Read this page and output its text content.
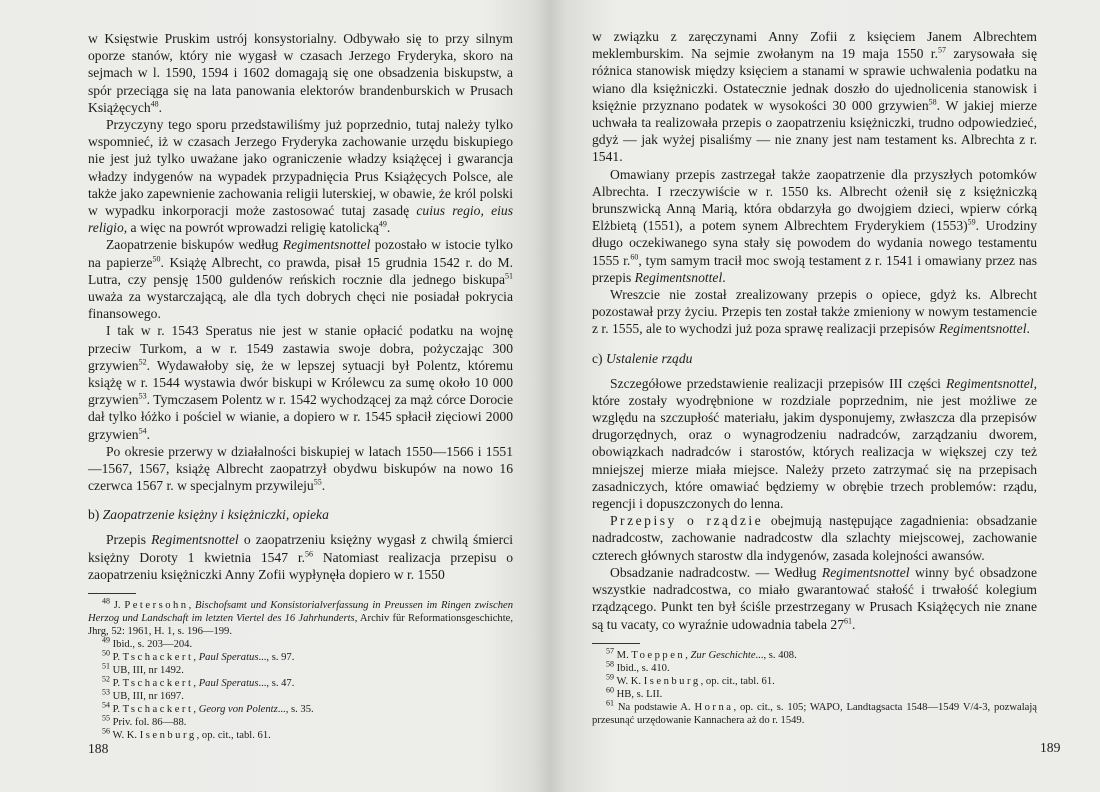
w Księstwie Pruskim ustrój konsystorialny. Odbywało się to przy silnym oporze stanów, który nie wygasł w czasach Jerzego Fryderyka, skoro na sejmach w l. 1590, 1594 i 1602 domagają się one obsadzenia biskupstw, a spór przeciąga się na lata panowania elektorów brandenburskich w Prusach Książęcych$^{48}$.

Przyczyny tego sporu przedstawiliśmy już poprzednio, tutaj należy tylko wspomnieć, iż w czasach Jerzego Fryderyka zachowanie urzędu biskupiego nie jest już tylko uważane jako ograniczenie władzy książęcej i gwarancja władzy indygenów na wypadek przypadnięcia Prus Książęcych Polsce, ale także jako zapewnienie zachowania religii luterskiej, w obawie, że król polski w wypadku inkorporacji może zastosować tutaj zasadę cuius regio, eius religio, a więc na powrót wprowadzi religię katolicką$^{49}$.

Zaopatrzenie biskupów według Regimentsnottel pozostało w istocie tylko na papierze$^{50}$. Książę Albrecht, co prawda, pisał 15 grudnia 1542 r. do M. Lutra, czy pensję 1500 guldenów reńskich rocznie dla jednego biskupa$^{51}$ uważa za wystarczającą, ale dla tych dobrych chęci nie posiadał pokrycia finansowego.

I tak w r. 1543 Speratus nie jest w stanie opłacić podatku na wojnę przeciw Turkom, a w r. 1549 zastawia swoje dobra, pożyczając 300 grzywien$^{52}$. Wydawałoby się, że w lepszej sytuacji był Polentz, któremu książę w r. 1544 wystawia dwór biskupi w Królewcu za sumę około 10 000 grzywien$^{53}$. Tymczasem Polentz w r. 1542 wychodzącej za mąż córce Dorocie dał tylko łóżko i pościel w wianie, a dopiero w r. 1545 spłacił zięciowi 2000 grzywien$^{54}$.

Po okresie przerwy w działalności biskupiej w latach 1550—1566 i 1551—1567, 1567, książę Albrecht zaopatrzył obydwu biskupów na nowo 16 czerwca 1567 r. w specjalnym przywileju$^{55}$.

b) Zaopatrzenie księżny i księżniczki, opieka

Przepis Regimentsnottel o zaopatrzeniu księżny wygasł z chwilą śmierci księżny Doroty 1 kwietnia 1547 r.$^{56}$ Natomiast realizacja przepisu o zaopatrzeniu księżniczki Anny Zofii wypłynęła dopiero w r. 1550

$^{48}$ J. Petersohn, Bischofsamt und Konsistorialverfassung in Preussen im Ringen zwischen Herzog und Landschaft im letzten Viertel des 16 Jahrhunderts, Archiv für Reformationsgeschichte, Jhrg, 52: 1961, H. 1, s. 196—199.

$^{49}$ Ibid., s. 203—204.

$^{50}$ P. Tschackert, Paul Speratus..., s. 97.

$^{51}$ UB, III, nr 1492.

$^{52}$ P. Tschackert, Paul Speratus..., s. 47.

$^{53}$ UB, III, nr 1697.

$^{54}$ P. Tschackert, Georg von Polentz..., s. 35.

$^{55}$ Priv. fol. 86—88.

$^{56}$ W. K. Isenburg, op. cit., tabl. 61.

188

w związku z zaręczynami Anny Zofii z księciem Janem Albrechtem meklemburskim. Na sejmie zwołanym na 19 maja 1550 r.$^{57}$ zarysowała się różnica stanowisk między księciem a stanami w sprawie uchwalenia podatku na wiano dla księżniczki. Ostatecznie jednak doszło do ujednolicenia stanowisk i księżnie przyznano podatek w wysokości 30 000 grzywien$^{58}$. W jakiej mierze uchwała ta realizowała przepis o zaopatrzeniu księżniczki, trudno odpowiedzieć, gdyż — jak wyżej pisaliśmy — nie znany jest nam testament ks. Albrechta z r. 1541.

Omawiany przepis zastrzegał także zaopatrzenie dla przyszłych potomków Albrechta. I rzeczywiście w r. 1550 ks. Albrecht ożenił się z księżniczką brunszwicką Anną Marią, która obdarzyła go dwojgiem dzieci, wpierw córką Elżbietą (1551), a potem synem Albrechtem Fryderykiem $(1553)^{59}$. Urodziny długo oczekiwanego syna stały się powodem do wydania nowego testamentu 1555 r.$^{60}$, tym samym tracił moc swoją testament z r. 1541 i omawiany przez nas przepis Regimentsnottel.

Wreszcie nie został zrealizowany przepis o opiece, gdyż ks. Albrecht pozostawał przy życiu. Przepis ten został także zmieniony w nowym testamencie z r. 1555, ale to wychodzi już poza sprawę realizacji przepisów Regimentsnottel.

c) Ustalenie rządu

Szczegółowe przedstawienie realizacji przepisów III części Regimentsnottel, które zostały wyodrębnione w rozdziale poprzednim, nie jest możliwe ze względu na szczupłość materiału, jakim dysponujemy, zwłaszcza dla przepisów drugorzędnych, oraz o wynagrodzeniu nadradców, zarządzaniu dworem, obowiązkach nadradców i starostów, których realizacja w większej czy też mniejszej mierze miała miejsce. Należy przeto zatrzymać się na przepisach zasadniczych, które omawiać będziemy w obrębie trzech problemów: rządu, regencji i dopuszczonych do lenna.

Przepisy o rządzie obejmują następujące zagadnienia: obsadzanie nadradcostw, zachowanie nadradcostw dla szlachty miejscowej, zachowanie czterech głównych starostw dla indygenów, zasada kolejności awansów.

Obsadzanie nadradcostw. — Według Regimentsnottel winny być obsadzone wszystkie nadradcostwa, co miało gwarantować stałość i trwałość kolegium rządzącego. Punkt ten był ściśle przestrzegany w Prusach Książęcych nie znane są tu vacaty, co wyraźnie udowadnia tabela $27^{61}$.

$^{57}$ M. Toeppen, Zur Geschichte..., s. 408.

$^{58}$ Ibid., s. 410.

$^{59}$ W. K. Isenburg, op. cit., tabl. 61.

$^{60}$ HB, s. LII.

$^{61}$ Na podstawie A. Horna, op. cit., s. 105; WAPO, Landtagsacta 1548—1549 V/4-3, pozwalają przesunąć urzędowanie Kannachera aż do r. 1549.

189
